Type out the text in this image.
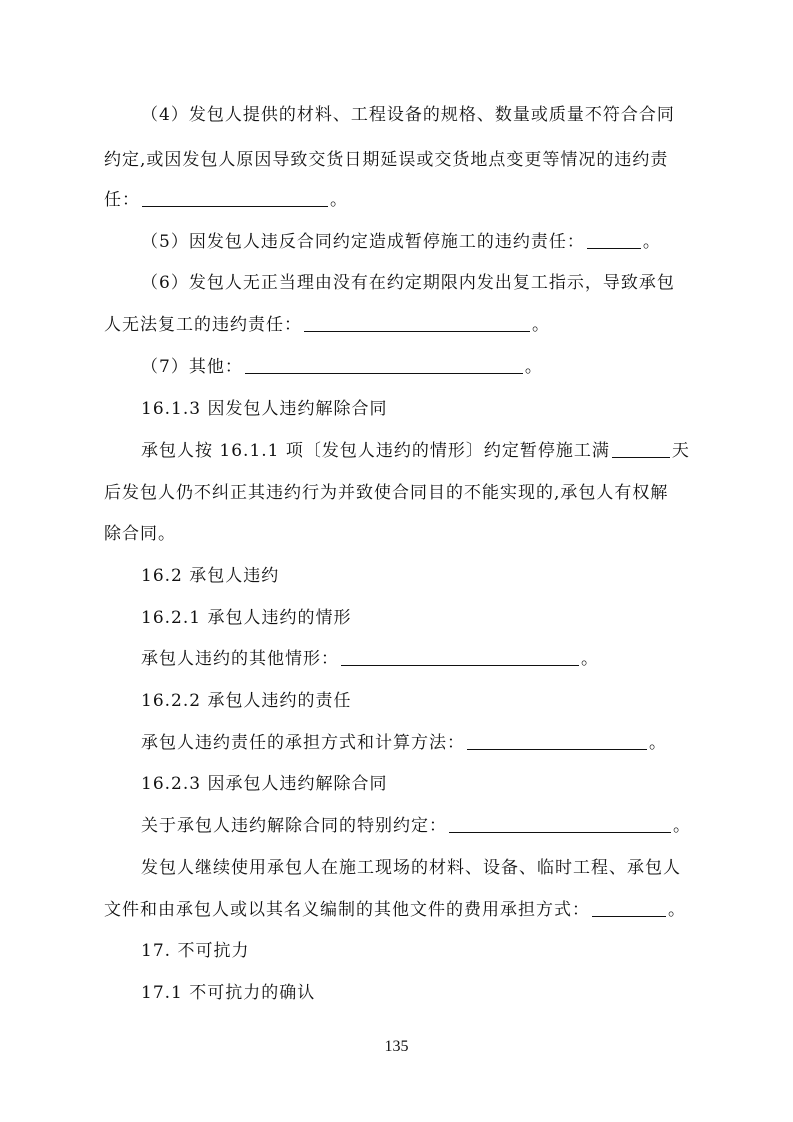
（4）发包人提供的材料、工程设备的规格、数量或质量不符合合同
约定,或因发包人原因导致交货日期延误或交货地点变更等情况的违约责
任：	。
（5）因发包人违反合同约定造成暂停施工的违约责任：	。
（6）发包人无正当理由没有在约定期限内发出复工指示，导致承包
人无法复工的违约责任：	。
（7）其他：	。
16.1.3 因发包人违约解除合同
承包人按 16.1.1 项〔发包人违约的情形〕约定暂停施工满	天
后发包人仍不纠正其违约行为并致使合同目的不能实现的,承包人有权解
除合同。
16.2 承包人违约
16.2.1 承包人违约的情形
承包人违约的其他情形：	。
16.2.2 承包人违约的责任
承包人违约责任的承担方式和计算方法：	。
16.2.3 因承包人违约解除合同
关于承包人违约解除合同的特别约定：	。
发包人继续使用承包人在施工现场的材料、设备、临时工程、承包人
文件和由承包人或以其名义编制的其他文件的费用承担方式：	。
17. 不可抗力
17.1 不可抗力的确认
135
